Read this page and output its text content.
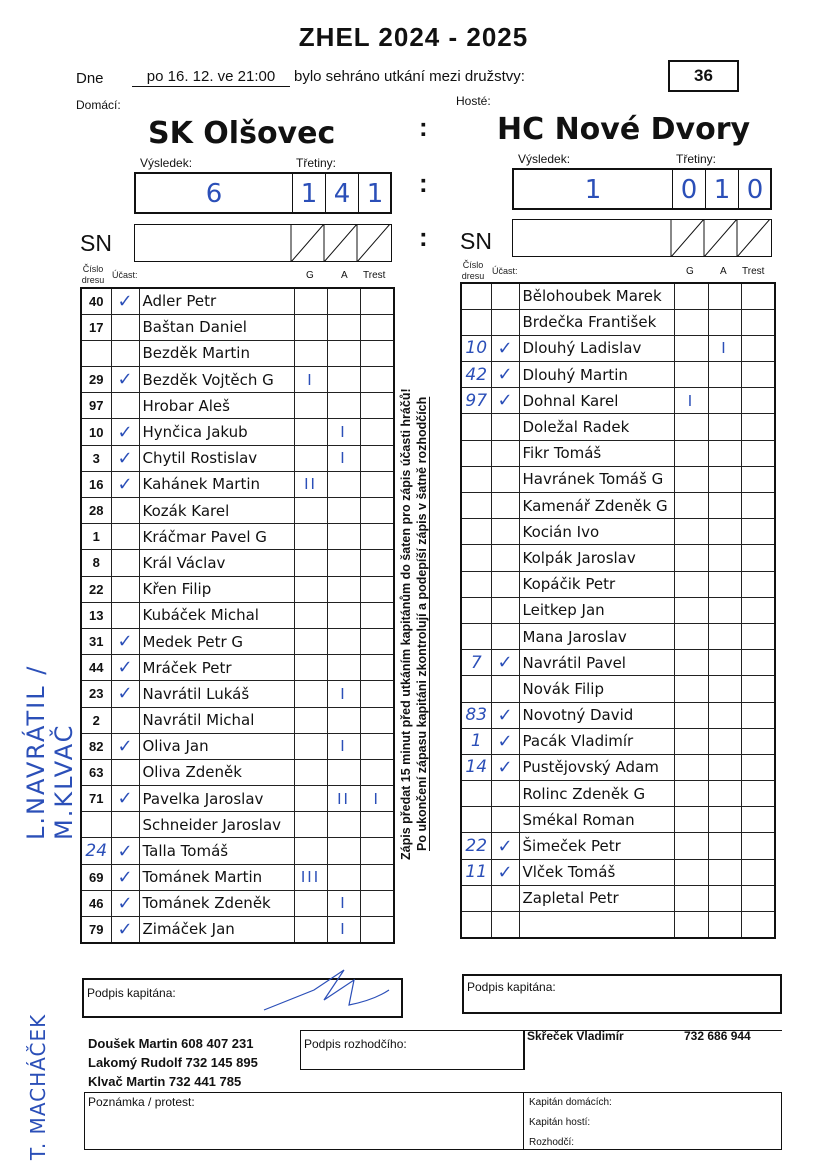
ZHEL 2024 - 2025
Dne	po 16. 12. ve 21:00	bylo sehráno utkání mezi družstvy:	36
Domácí:	Hosté:
SK Olšovec	: HC Nové Dvory
Výsledek:	Třetiny:
6	1 4 1 :
Výsledek:	Třetiny:
1	0 1 0
SN	: SN
Číslo dresu Účast:	G	A Trest
Číslo dresu Účast:	G	A Trest
40	✓	Adler Petr			
17		Baštan Daniel			
		Bezděk Martin			
29	✓	Bezděk Vojtěch G	I		
97		Hrobar Aleš			
10	✓	Hynčica Jakub		I	
3	✓	Chytil Rostislav		I	
16	✓	Kahánek Martin	II		
28		Kozák Karel			
1		Kráčmar Pavel G			
8		Král Václav			
22		Křen Filip			
13		Kubáček Michal			
31	✓	Medek Petr G			
44	✓	Mráček Petr			
23	✓	Navrátil Lukáš		I	
2		Navrátil Michal			
82	✓	Oliva Jan		I	
63		Oliva Zdeněk			
71	✓	Pavelka Jaroslav		II	I
		Schneider Jaroslav			
24	✓	Talla Tomáš			
69	✓	Tománek Martin	III		
46	✓	Tománek Zdeněk		I	
79	✓	Zimáček Jan		I	
		Bělohoubek Marek			
		Brdečka František			
10	✓	Dlouhý Ladislav		I	
42	✓	Dlouhý Martin			
97	✓	Dohnal Karel	I		
		Doležal Radek			
		Fikr Tomáš			
		Havránek Tomáš G			
		Kamenář Zdeněk G			
		Kocián Ivo			
		Kolpák Jaroslav			
		Kopáčik Petr			
		Leitkep Jan			
		Mana Jaroslav			
7	✓	Navrátil Pavel			
		Novák Filip			
83	✓	Novotný David			
1	✓	Pacák Vladimír			
14	✓	Pustějovský Adam			
		Rolinc Zdeněk G			
		Smékal Roman			
22	✓	Šimeček Petr			
11	✓	Vlček Tomáš			
		Zapletal Petr			

Zápis předat 15 minut před utkáním kapitánům do šaten pro zápis účasti hráčů! Po ukončení zápasu kapitáni zkontrolují a podepíší zápis v šatně rozhodčích
L.NAVRÁTIL / M.KLVAČ
T. MACHÁČEK
Podpis kapitána:	Podpis kapitána:
Doušek Martin 608 407 231
Lakomý Rudolf 732 145 895
Klvač Martin 732 441 785
Podpis rozhodčího:
Skřeček Vladimír	732 686 944
Poznámka / protest:	Kapitán domácích:
Kapitán hostí:
Rozhodčí:
